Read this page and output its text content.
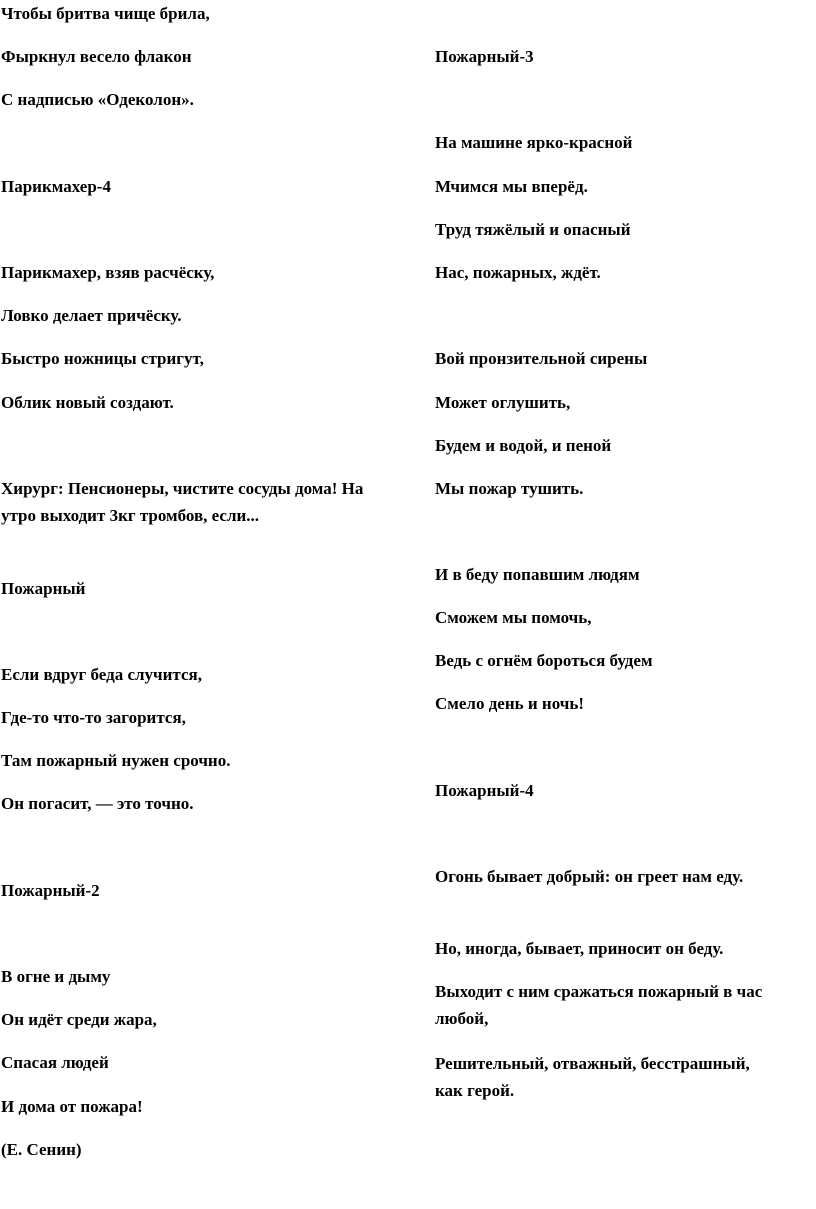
Чтобы бритва чище брила,
Фыркнул весело флакон
С надписью «Одеколон».
Парикмахер-4
Парикмахер, взяв расчёску,
Ловко делает причёску.
Быстро ножницы стригут,
Облик новый создают.
Хирург: Пенсионеры, чистите сосуды дома! На утро выходит 3кг тромбов, если...
Пожарный
Если вдруг беда случится,
Где-то что-то загорится,
Там пожарный нужен срочно.
Он погасит, — это точно.
Пожарный-2
В огне и дыму
Он идёт среди жара,
Спасая людей
И дома от пожара!
(Е. Сенин)
Пожарный-3
На машине ярко-красной
Мчимся мы вперёд.
Труд тяжёлый и опасный
Нас, пожарных, ждёт.
Вой пронзительной сирены
Может оглушить,
Будем и водой, и пеной
Мы пожар тушить.
И в беду попавшим людям
Сможем мы помочь,
Ведь с огнём бороться будем
Смело день и ночь!
Пожарный-4
Огонь бывает добрый: он греет нам еду.
Но, иногда, бывает, приносит он беду.
Выходит с ним сражаться пожарный в час любой,
Решительный, отважный, бесстрашный, как герой.
